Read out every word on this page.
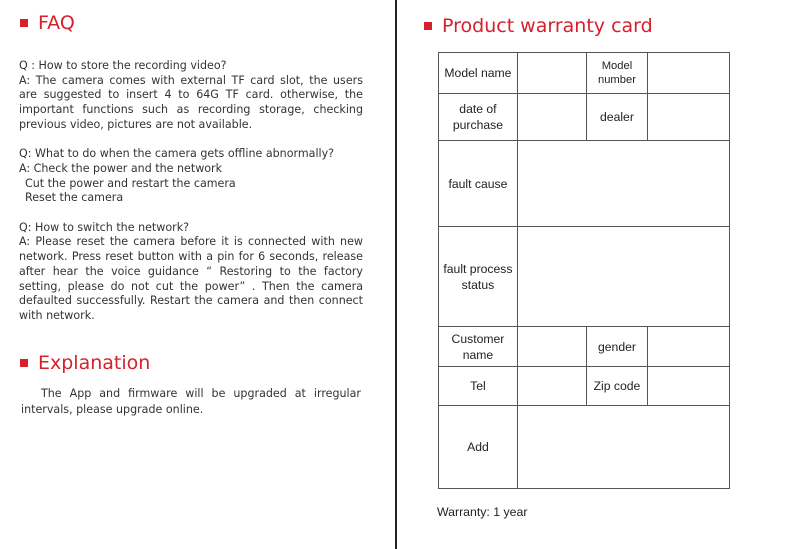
FAQ
Q : How to store the recording video?
A: The camera comes with external TF card slot, the users are suggested to insert 4 to 64G TF card. otherwise, the important functions such as recording storage, checking previous video, pictures are not available.
Q: What to do when the camera gets offline abnormally?
A: Check the power and the network
Cut the power and restart the camera
Reset the camera
Q: How to switch the network?
A: Please reset the camera before it is connected with new network. Press reset button with a pin for 6 seconds, release after hear the voice guidance “ Restoring to the factory setting, please do not cut the power” . Then the camera defaulted successfully. Restart the camera and then connect with network.
Explanation
The App and firmware will be upgraded at irregular intervals, please upgrade online.
Product warranty card
Model name		Model number	
date of purchase		dealer	
fault cause			
fault process status			
Customer name		gender	
Tel		Zip code	
Add			
Warranty: 1 year
